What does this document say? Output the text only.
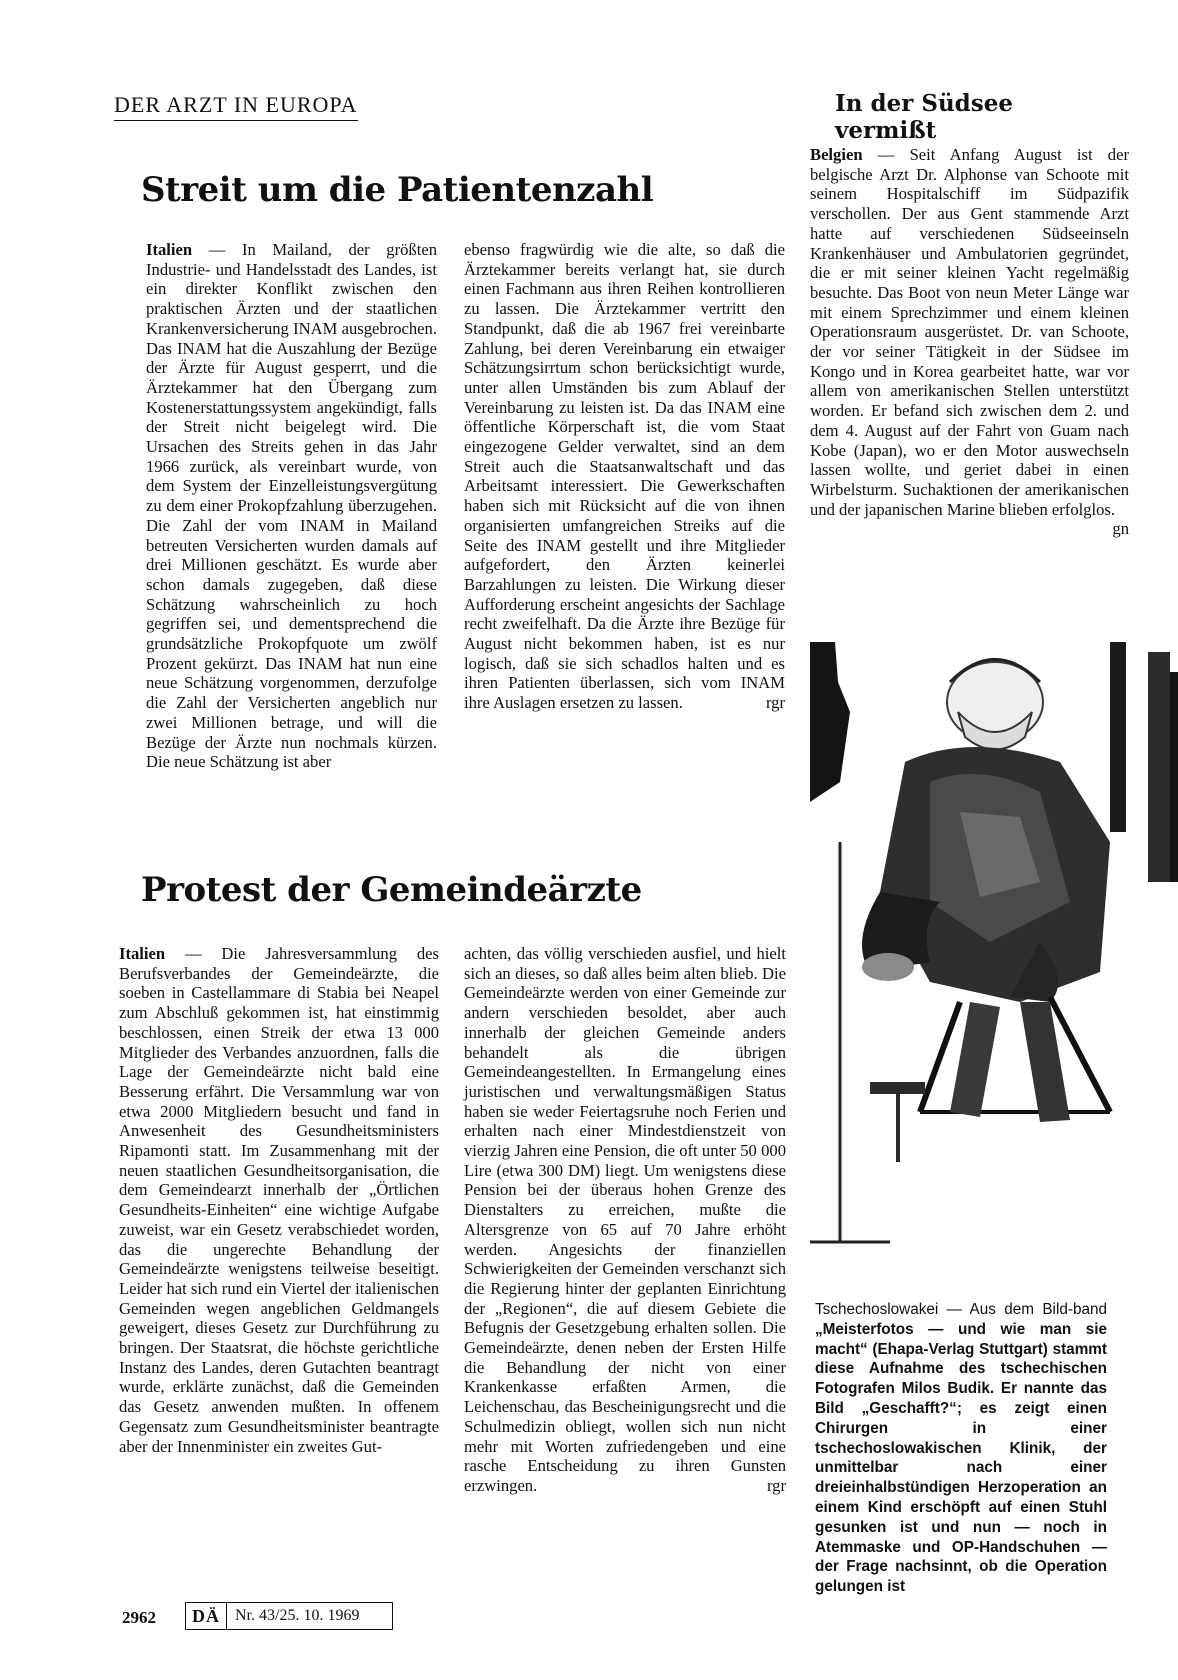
DER ARZT IN EUROPA	In der Südsee vermißt
Streit um die Patientenzahl

Italien — In Mailand, der größten Industrie- und Handelsstadt des Landes, ist ein direkter Konflikt zwischen den praktischen Ärzten und der staatlichen Krankenversicherung INAM ausgebrochen. Das INAM hat die Auszahlung der Bezüge der Ärzte für August gesperrt, und die Ärztekammer hat den Übergang zum Kostenerstattungssystem angekündigt, falls der Streit nicht beigelegt wird. Die Ursachen des Streits gehen in das Jahr 1966 zurück, als vereinbart wurde, von dem System der Einzelleistungsvergütung zu dem einer Prokopfzahlung überzugehen. Die Zahl der vom INAM in Mailand betreuten Versicherten wurden damals auf drei Millionen geschätzt. Es wurde aber schon damals zugegeben, daß diese Schätzung wahrscheinlich zu hoch gegriffen sei, und dementsprechend die grundsätzliche Prokopfquote um zwölf Prozent gekürzt. Das INAM hat nun eine neue Schätzung vorgenommen, derzufolge die Zahl der Versicherten angeblich nur zwei Millionen betrage, und will die Bezüge der Ärzte nun nochmals kürzen. Die neue Schätzung ist aber

ebenso fragwürdig wie die alte, so daß die Ärztekammer bereits verlangt hat, sie durch einen Fachmann aus ihren Reihen kontrollieren zu lassen. Die Ärztekammer vertritt den Standpunkt, daß die ab 1967 frei vereinbarte Zahlung, bei deren Vereinbarung ein etwaiger Schätzungsirrtum schon berücksichtigt wurde, unter allen Umständen bis zum Ablauf der Vereinbarung zu leisten ist. Da das INAM eine öffentliche Körperschaft ist, die vom Staat eingezogene Gelder verwaltet, sind an dem Streit auch die Staatsanwaltschaft und das Arbeitsamt interessiert. Die Gewerkschaften haben sich mit Rücksicht auf die von ihnen organisierten umfangreichen Streiks auf die Seite des INAM gestellt und ihre Mitglieder aufgefordert, den Ärzten keinerlei Barzahlungen zu leisten. Die Wirkung dieser Aufforderung erscheint angesichts der Sachlage recht zweifelhaft. Da die Ärzte ihre Bezüge für August nicht bekommen haben, ist es nur logisch, daß sie sich schadlos halten und es ihren Patienten überlassen, sich vom INAM ihre Auslagen ersetzen zu lassen.	rgr

Belgien — Seit Anfang August ist der belgische Arzt Dr. Alphonse van Schoote mit seinem Hospitalschiff im Südpazifik verschollen. Der aus Gent stammende Arzt hatte auf verschiedenen Südseeinseln Krankenhäuser und Ambulatorien gegründet, die er mit seiner kleinen Yacht regelmäßig besuchte. Das Boot von neun Meter Länge war mit einem Sprechzimmer und einem kleinen Operationsraum ausgerüstet. Dr. van Schoote, der vor seiner Tätigkeit in der Südsee im Kongo und in Korea gearbeitet hatte, war vor allem von amerikanischen Stellen unterstützt worden. Er befand sich zwischen dem 2. und dem 4. August auf der Fahrt von Guam nach Kobe (Japan), wo er den Motor auswechseln lassen wollte, und geriet dabei in einen Wirbelsturm. Suchaktionen der amerikanischen und der japanischen Marine blieben erfolglos.
gn

Tschechoslowakei — Aus dem Bild-band „Meisterfotos — und wie man sie macht“ (Ehapa-Verlag Stuttgart) stammt diese Aufnahme des tschechischen Fotografen Milos Budik. Er nannte das Bild „Geschafft?“; es zeigt einen Chirurgen in einer tschechoslowakischen Klinik, der unmittelbar nach einer dreieinhalbstündigen Herzoperation an einem Kind erschöpft auf einen Stuhl gesunken ist und nun — noch in Atemmaske und OP-Handschuhen — der Frage nachsinnt, ob die Operation gelungen ist
Protest der Gemeindeärzte

Italien — Die Jahresversammlung des Berufsverbandes der Gemeindeärzte, die soeben in Castellammare di Stabia bei Neapel zum Abschluß gekommen ist, hat einstimmig beschlossen, einen Streik der etwa 13 000 Mitglieder des Verbandes anzuordnen, falls die Lage der Gemeindeärzte nicht bald eine Besserung erfährt. Die Versammlung war von etwa 2000 Mitgliedern besucht und fand in Anwesenheit des Gesundheitsministers Ripamonti statt. Im Zusammenhang mit der neuen staatlichen Gesundheitsorganisation, die dem Gemeindearzt innerhalb der „Örtlichen Gesundheits-Einheiten“ eine wichtige Aufgabe zuweist, war ein Gesetz verabschiedet worden, das die ungerechte Behandlung der Gemeindeärzte wenigstens teilweise beseitigt. Leider hat sich rund ein Viertel der italienischen Gemeinden wegen angeblichen Geldmangels geweigert, dieses Gesetz zur Durchführung zu bringen. Der Staatsrat, die höchste gerichtliche Instanz des Landes, deren Gutachten beantragt wurde, erklärte zunächst, daß die Gemeinden das Gesetz anwenden mußten. In offenem Gegensatz zum Gesundheitsminister beantragte aber der Innenminister ein zweites Gut-

achten, das völlig verschieden ausfiel, und hielt sich an dieses, so daß alles beim alten blieb. Die Gemeindeärzte werden von einer Gemeinde zur andern verschieden besoldet, aber auch innerhalb der gleichen Gemeinde anders behandelt als die übrigen Gemeindeangestellten. In Ermangelung eines juristischen und verwaltungsmäßigen Status haben sie weder Feiertagsruhe noch Ferien und erhalten nach einer Mindestdienstzeit von vierzig Jahren eine Pension, die oft unter 50 000 Lire (etwa 300 DM) liegt. Um wenigstens diese Pension bei der überaus hohen Grenze des Dienstalters zu erreichen, mußte die Altersgrenze von 65 auf 70 Jahre erhöht werden. Angesichts der finanziellen Schwierigkeiten der Gemeinden verschanzt sich die Regierung hinter der geplanten Einrichtung der „Regionen“, die auf diesem Gebiete die Befugnis der Gesetzgebung erhalten sollen. Die Gemeindeärzte, denen neben der Ersten Hilfe die Behandlung der nicht von einer Krankenkasse erfaßten Armen, die Leichenschau, das Bescheinigungsrecht und die Schulmedizin obliegt, wollen sich nun nicht mehr mit Worten zufriedengeben und eine rasche Entscheidung zu ihren Gunsten erzwingen.	rgr

2962	DÄ Nr. 43/25. 10. 1969
